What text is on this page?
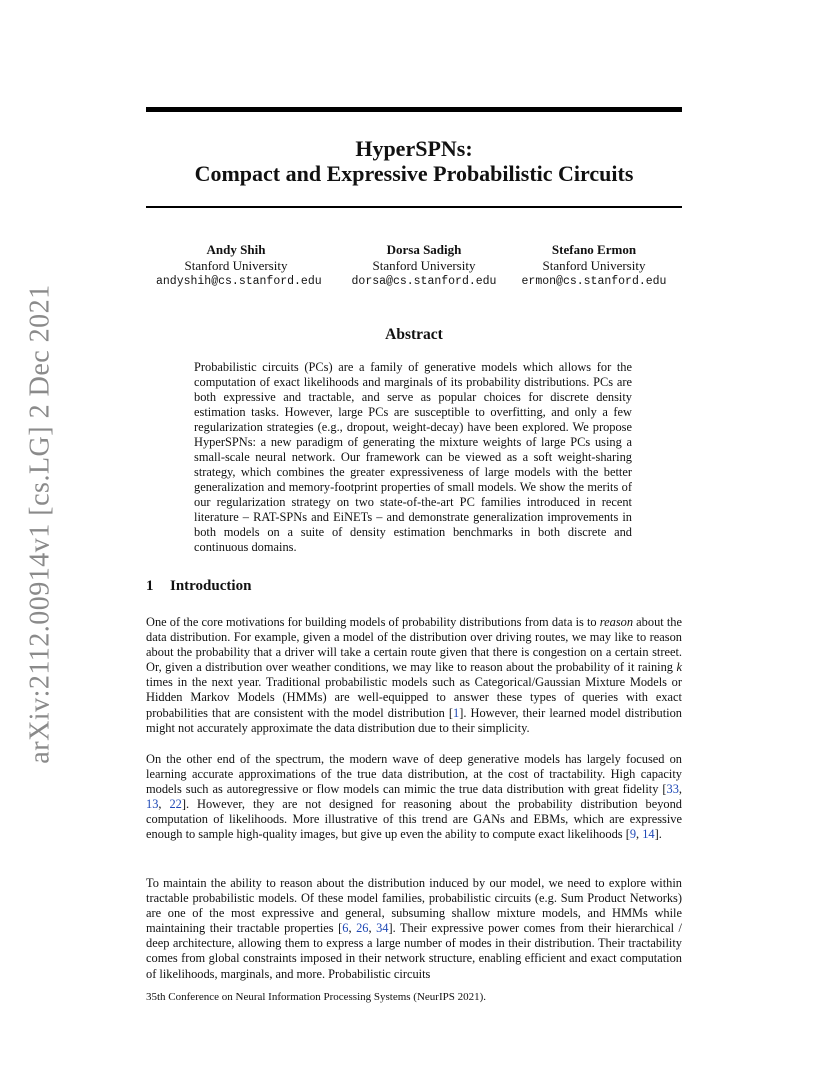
arXiv:2112.00914v1 [cs.LG] 2 Dec 2021
HyperSPNs:
Compact and Expressive Probabilistic Circuits
Andy Shih
Stanford University
andyshih@cs.stanford.edu
Dorsa Sadigh
Stanford University
dorsa@cs.stanford.edu
Stefano Ermon
Stanford University
ermon@cs.stanford.edu
Abstract

Probabilistic circuits (PCs) are a family of generative models which allows for the computation of exact likelihoods and marginals of its probability distributions. PCs are both expressive and tractable, and serve as popular choices for discrete density estimation tasks. However, large PCs are susceptible to overfitting, and only a few regularization strategies (e.g., dropout, weight-decay) have been explored. We propose HyperSPNs: a new paradigm of generating the mixture weights of large PCs using a small-scale neural network. Our framework can be viewed as a soft weight-sharing strategy, which combines the greater expressiveness of large models with the better generalization and memory-footprint properties of small models. We show the merits of our regularization strategy on two state-of-the-art PC families introduced in recent literature – RAT-SPNs and EiNETs – and demonstrate generalization improvements in both models on a suite of density estimation benchmarks in both discrete and continuous domains.

1 Introduction

One of the core motivations for building models of probability distributions from data is to reason about the data distribution. For example, given a model of the distribution over driving routes, we may like to reason about the probability that a driver will take a certain route given that there is congestion on a certain street. Or, given a distribution over weather conditions, we may like to reason about the probability of it raining k times in the next year. Traditional probabilistic models such as Categorical/Gaussian Mixture Models or Hidden Markov Models (HMMs) are well-equipped to answer these types of queries with exact probabilities that are consistent with the model distribution [1]. However, their learned model distribution might not accurately approximate the data distribution due to their simplicity.

On the other end of the spectrum, the modern wave of deep generative models has largely focused on learning accurate approximations of the true data distribution, at the cost of tractability. High capacity models such as autoregressive or flow models can mimic the true data distribution with great fidelity [33, 13, 22]. However, they are not designed for reasoning about the probability distribution beyond computation of likelihoods. More illustrative of this trend are GANs and EBMs, which are expressive enough to sample high-quality images, but give up even the ability to compute exact likelihoods [9, 14].

To maintain the ability to reason about the distribution induced by our model, we need to explore within tractable probabilistic models. Of these model families, probabilistic circuits (e.g. Sum Product Networks) are one of the most expressive and general, subsuming shallow mixture models, and HMMs while maintaining their tractable properties [6, 26, 34]. Their expressive power comes from their hierarchical / deep architecture, allowing them to express a large number of modes in their distribution. Their tractability comes from global constraints imposed in their network structure, enabling efficient and exact computation of likelihoods, marginals, and more. Probabilistic circuits

35th Conference on Neural Information Processing Systems (NeurIPS 2021).
